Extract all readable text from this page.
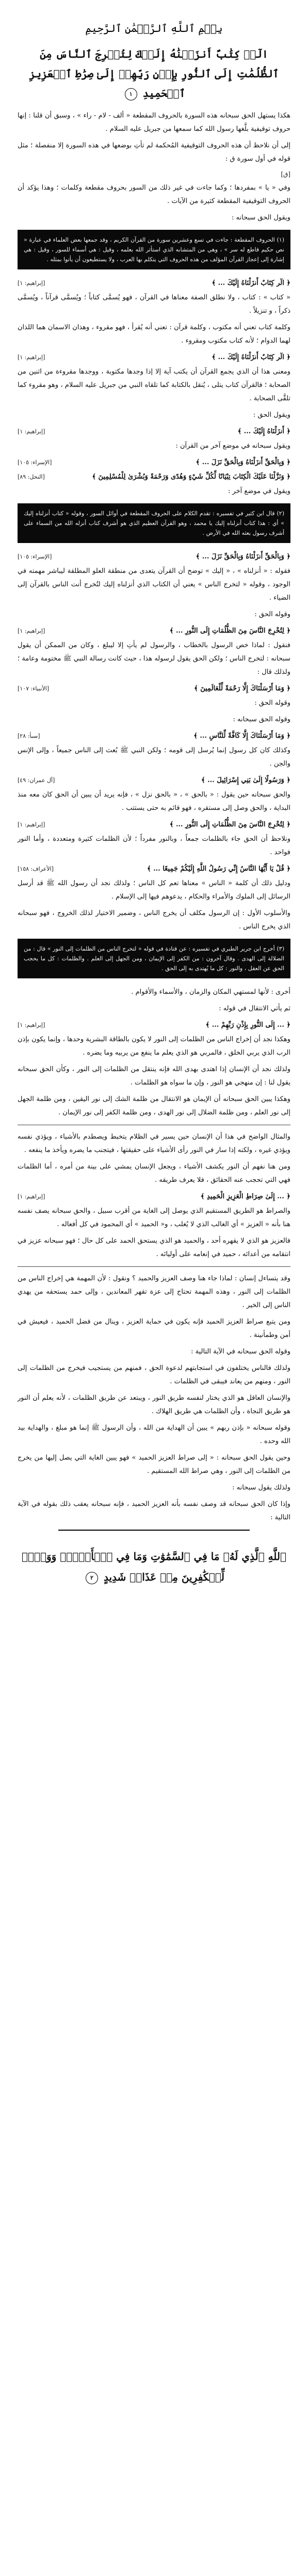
بِسۡمِ ٱللَّهِ ٱلرَّحۡمَٰنِ ٱلرَّحِيمِ
الٓرۚ كِتَٰبٌ أَنزَلۡنَٰهُ إِلَيۡكَ لِتُخۡرِجَ ٱلنَّاسَ مِنَ ٱلظُّلُمَٰتِ إِلَى ٱلنُّورِ بِإِذۡنِ رَبِّهِمۡ إِلَىٰ صِرَٰطِ ٱلۡعَزِيزِ ٱلۡحَمِيدِ ١

هكذا يستهل الحق سبحانه هذه السورة بالحروف المقطعة « ألف - لام - راء » ، وسبق أن قلنا : إنها حروف توقيفية بلَّغها رسول الله كما سمعها من جبريل عليه السلام .

إلى أن نلاحظ أن هذه الحروف التوقيفية المُحكمة لم تأتِ بوضعها في هذه السورة إلا منفصلة ؛ مثل قوله في أول سورة ق :

[ق]

وفي « يا » بمفردها ؛ وكما جاءت في غير ذلك من السور بحروف مقطعة وكلمات ؛ وهذا يؤكد أن الحروف التوقيفية المقطعة كثيرة من الآيات .

ويقول الحق سبحانه :

(١) الحروف المقطعة : جاءت في تسع وعشرين سورة من القرآن الكريم ، وقد جمعها بعض العلماء في عبارة « نص حكيم قاطع له سر » ، وهي من المتشابه الذي استأثر الله بعلمه ، وقيل : هي أسماء للسور ، وقيل : هي إشارة إلى إعجاز القرآن المؤلف من هذه الحروف التي يتكلم بها العرب ، ولا يستطيعون أن يأتوا بمثله .
﴿ الٓر كِتَابٌ أَنزَلْنَاهُ إِلَيْكَ ... ﴾
[إبراهيم: ١]

« كتاب » : كتاب ، ولا نطلق الصفة معناها في القرآن ، فهو يُسمَّى كتاباً ؛ ويُسمَّى قرآناً ، ويُسمَّى ذكراً ، و تنزيلاً .

وكلمة كتاب تعني أنه مكتوب ، وكلمة قرآن : تعني أنه يُقرأ ، فهو مقروء ، وهذان الاسمان هما اللذان لهما الدوام ؛ لأنه كتاب مكتوب ومقروء .

﴿ الٓر كِتَابٌ أَنزَلْنَاهُ إِلَيْكَ ... ﴾
[إبراهيم: ١]

ومعنى هذا أن الذي يجمع القرآن أن يكتب آية إلا إذا وجدها مكتوبة ، ووجدها مقروءة من اثنين من الصحابة ؛ فالقرآن كتاب يتلى ، يُنقل بالكتابة كما تلقاه النبي من جبريل عليه السلام ، وهو مقروء كما تلقَّى الصحابة .

ويقول الحق :

﴿ أَنزَلْنَاهُ إِلَيْكَ ... ﴾
[إبراهيم: ١]

ويقول سبحانه في موضع آخر من القرآن :

﴿ وَبِالْحَقِّ أَنزَلْنَاهُ وَبِالْحَقِّ نَزَلَ ... ﴾
[الإسراء: ١٠٥]
﴿ وَنَزَّلْنَا عَلَيْكَ الْكِتَابَ تِبْيَانًا لِّكُلِّ شَيْءٍ وَهُدًى وَرَحْمَةً وَبُشْرَىٰ لِلْمُسْلِمِينَ ﴾
[النحل: ٨٩]

ويقول في موضع آخر :

(٢) قال ابن كثير في تفسيره : تقدم الكلام على الحروف المقطعة في أوائل السور ، وقوله « كتاب أنزلناه إليك » أي : هذا كتاب أنزلناه إليك يا محمد ، وهو القرآن العظيم الذي هو أشرف كتاب أنزله الله من السماء على أشرف رسول بعثه الله في الأرض .
﴿ وَبِالْحَقِّ أَنزَلْنَاهُ وَبِالْحَقِّ نَزَلَ ... ﴾
[الإسراء: ١٠٥]

فقوله : « أنزلناه » ، « إليك » توضح أن القرآن يتعدى من منطقة العلو المطلقة ليباشر مهمته في الوجود ، وقوله « لتخرج الناس » يعني أن الكتاب الذي أنزلناه إليك لتُخرج أنت الناس بالقرآن إلى الضياء .

وقوله الحق :

﴿ لِتُخْرِجَ النَّاسَ مِنَ الظُّلُمَاتِ إِلَى النُّورِ ... ﴾
[إبراهيم: ١]

فنقول : لماذا خص الرسول بالخطاب ، والرسول لم يأتِ إلا ليبلغ ، وكان من الممكن أن يقول سبحانه : لتخرج الناس ؛ ولكن الحق يقول لرسوله هذا ، حيث كانت رسالة النبي ﷺ مختومة وعامة ؛ ولذلك قال :

﴿ وَمَا أَرْسَلْنَاكَ إِلَّا رَحْمَةً لِّلْعَالَمِينَ ﴾
[الأنبياء: ١٠٧]

وقوله الحق :

وقوله الحق سبحانه :

﴿ وَمَا أَرْسَلْنَاكَ إِلَّا كَافَّةً لِّلنَّاسِ ... ﴾
[سبأ: ٢٨]

وكذلك كان كل رسول إنما يُرسل إلى قومه ؛ ولكن النبي ﷺ بُعث إلى الناس جميعاً ، وإلى الإنس والجن .

﴿ وَرَسُولًا إِلَىٰ بَنِي إِسْرَائِيلَ ... ﴾
[آل عمران: ٤٩]

والحق سبحانه حين يقول : « بالحق » ، « بالحق نزل » ، فإنه يريد أن يبين أن الحق كان معه منذ البداية ، والحق وصل إلى مستقره ، فهو قائم به حتى يستتب .

﴿ لِتُخْرِجَ النَّاسَ مِنَ الظُّلُمَاتِ إِلَى النُّورِ ... ﴾
[إبراهيم: ١]

ونلاحظ أن الحق جاء بالظلمات جمعاً ، وبالنور مفرداً ؛ لأن الظلمات كثيرة ومتعددة ، وأما النور فواحد .

﴿ قُلْ يَا أَيُّهَا النَّاسُ إِنِّي رَسُولُ اللَّهِ إِلَيْكُمْ جَمِيعًا ... ﴾
[الأعراف: ١٥٨]

ودليل ذلك أن كلمة « الناس » معناها تعم كل الناس ؛ ولذلك نجد أن رسول الله ﷺ قد أرسل الرسائل إلى الملوك والأمراء والحكام ، يدعوهم فيها إلى الإسلام .

والأسلوب الأول : إن الرسول مكلف أن يخرج الناس ، وضمير الاختيار لذلك الخروج ، فهو سبحانه الذي يخرج الناس .

(٣) أخرج ابن جرير الطبري في تفسيره : عن قتادة في قوله « لتخرج الناس من الظلمات إلى النور » قال : من الضلالة إلى الهدى . وقال آخرون : من الكفر إلى الإيمان ، ومن الجهل إلى العلم . والظلمات : كل ما يحجب الحق عن العقل ، والنور : كل ما يُهتدى به إلى الحق .

أخرى : لأنها لمستهي المكان والزمان ، والأسماء والأقوام .

ثم يأتي الانتقال في قوله :

﴿ ... إِلَى النُّورِ بِإِذْنِ رَبِّهِمْ ... ﴾
[إبراهيم: ١]

وهكذا نجد أن إخراج الناس من الظلمات إلى النور لا يكون بالطاقة البشرية وحدها ، وإنما يكون بإذن الرب الذي يربي الخلق ، فالمربي هو الذي يعلم ما ينفع من يربيه وما يضره .

ولذلك نجد أن الإنسان إذا اهتدى بهدى الله فإنه ينتقل من الظلمات إلى النور ، وكأن الحق سبحانه يقول لنا : إن منهجي هو النور ، وإن ما سواه هو الظلمات .

وهكذا يبين الحق سبحانه أن الإيمان هو الانتقال من ظلمة الشك إلى نور اليقين ، ومن ظلمة الجهل إلى نور العلم ، ومن ظلمة الضلال إلى نور الهدى ، ومن ظلمة الكفر إلى نور الإيمان .

والمثال الواضح في هذا أن الإنسان حين يسير في الظلام يتخبط ويصطدم بالأشياء ، ويؤذي نفسه ويؤذي غيره ، ولكنه إذا سار في النور رأى الأشياء على حقيقتها ، فيتجنب ما يضره ويأخذ ما ينفعه .

ومن هنا نفهم أن النور يكشف الأشياء ، ويجعل الإنسان يمشي على بينة من أمره ، أما الظلمات فهي التي تحجب عنه الحقائق ، فلا يعرف طريقه .

﴿ ... إِلَىٰ صِرَاطِ الْعَزِيزِ الْحَمِيدِ ﴾
[إبراهيم: ١]

والصراط هو الطريق المستقيم الذي يوصل إلى الغاية من أقرب سبيل ، والحق سبحانه يصف نفسه هنا بأنه « العزيز » أي الغالب الذي لا يُغلب ، و« الحميد » أي المحمود في كل أفعاله .

فالعزيز هو الذي لا يقهره أحد ، والحميد هو الذي يستحق الحمد على كل حال ؛ فهو سبحانه عزيز في انتقامه من أعدائه ، حميد في إنعامه على أوليائه .

وقد يتساءل إنسان : لماذا جاء هنا وصف العزيز والحميد ؟ ونقول : لأن المهمة هي إخراج الناس من الظلمات إلى النور ، وهذه المهمة تحتاج إلى عزة تقهر المعاندين ، وإلى حمد يستحقه من يهدي الناس إلى الخير .

ومن يتبع صراط العزيز الحميد فإنه يكون في حماية العزيز ، وينال من فضل الحميد ، فيعيش في أمن وطمأنينة .

وقوله الحق سبحانه في الآية التالية :

ولذلك فالناس يختلفون في استجابتهم لدعوة الحق ، فمنهم من يستجيب فيخرج من الظلمات إلى النور ، ومنهم من يعاند فيبقى في الظلمات .

والإنسان العاقل هو الذي يختار لنفسه طريق النور ، ويبتعد عن طريق الظلمات ، لأنه يعلم أن النور هو طريق النجاة ، وأن الظلمات هي طريق الهلاك .

وقوله سبحانه « بإذن ربهم » يبين أن الهداية من الله ، وأن الرسول ﷺ إنما هو مبلغ ، والهداية بيد الله وحده .

وحين يقول الحق سبحانه : « إلى صراط العزيز الحميد » فهو يبين الغاية التي يصل إليها من يخرج من الظلمات إلى النور ، وهي صراط الله المستقيم .

ولذلك يقول سبحانه :

وإذا كان الحق سبحانه قد وصف نفسه بأنه العزيز الحميد ، فإنه سبحانه يعقب ذلك بقوله في الآية التالية :

ٱللَّهِ ٱلَّذِي لَهُۥ مَا فِي ٱلسَّمَٰوَٰتِ وَمَا فِي ٱلۡأَرۡضِۗ وَوَيۡلٞ لِّلۡكَٰفِرِينَ مِنۡ عَذَابٖ شَدِيدٍ ٢
